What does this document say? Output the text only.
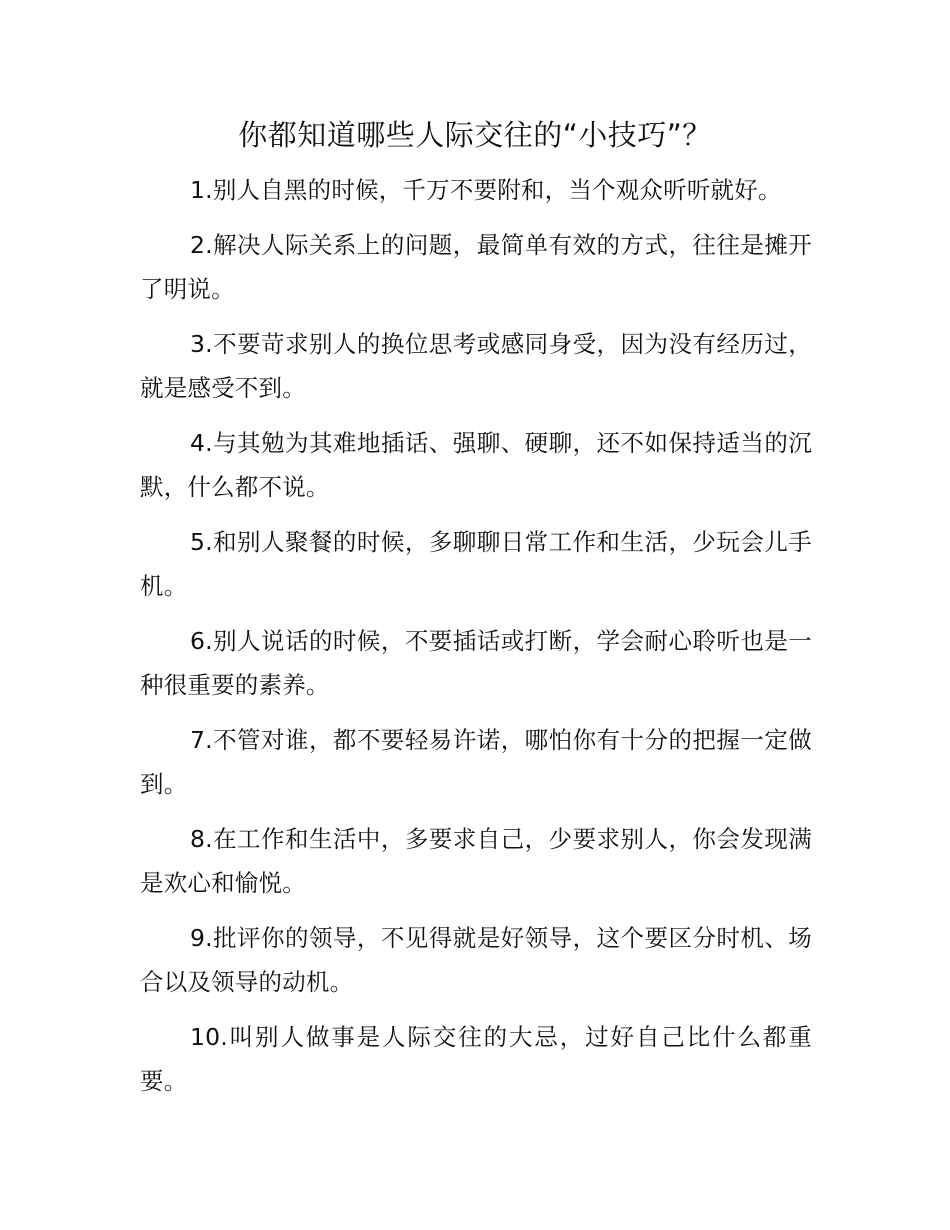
你都知道哪些人际交往的“小技巧”？

1.别人自黑的时候，千万不要附和，当个观众听听就好。

2.解决人际关系上的问题，最简单有效的方式，往往是摊开了明说。

3.不要苛求别人的换位思考或感同身受，因为没有经历过，就是感受不到。

4.与其勉为其难地插话、强聊、硬聊，还不如保持适当的沉默，什么都不说。

5.和别人聚餐的时候，多聊聊日常工作和生活，少玩会儿手机。

6.别人说话的时候，不要插话或打断，学会耐心聆听也是一种很重要的素养。

7.不管对谁，都不要轻易许诺，哪怕你有十分的把握一定做到。

8.在工作和生活中，多要求自己，少要求别人，你会发现满是欢心和愉悦。

9.批评你的领导，不见得就是好领导，这个要区分时机、场合以及领导的动机。

10.叫别人做事是人际交往的大忌，过好自己比什么都重要。
